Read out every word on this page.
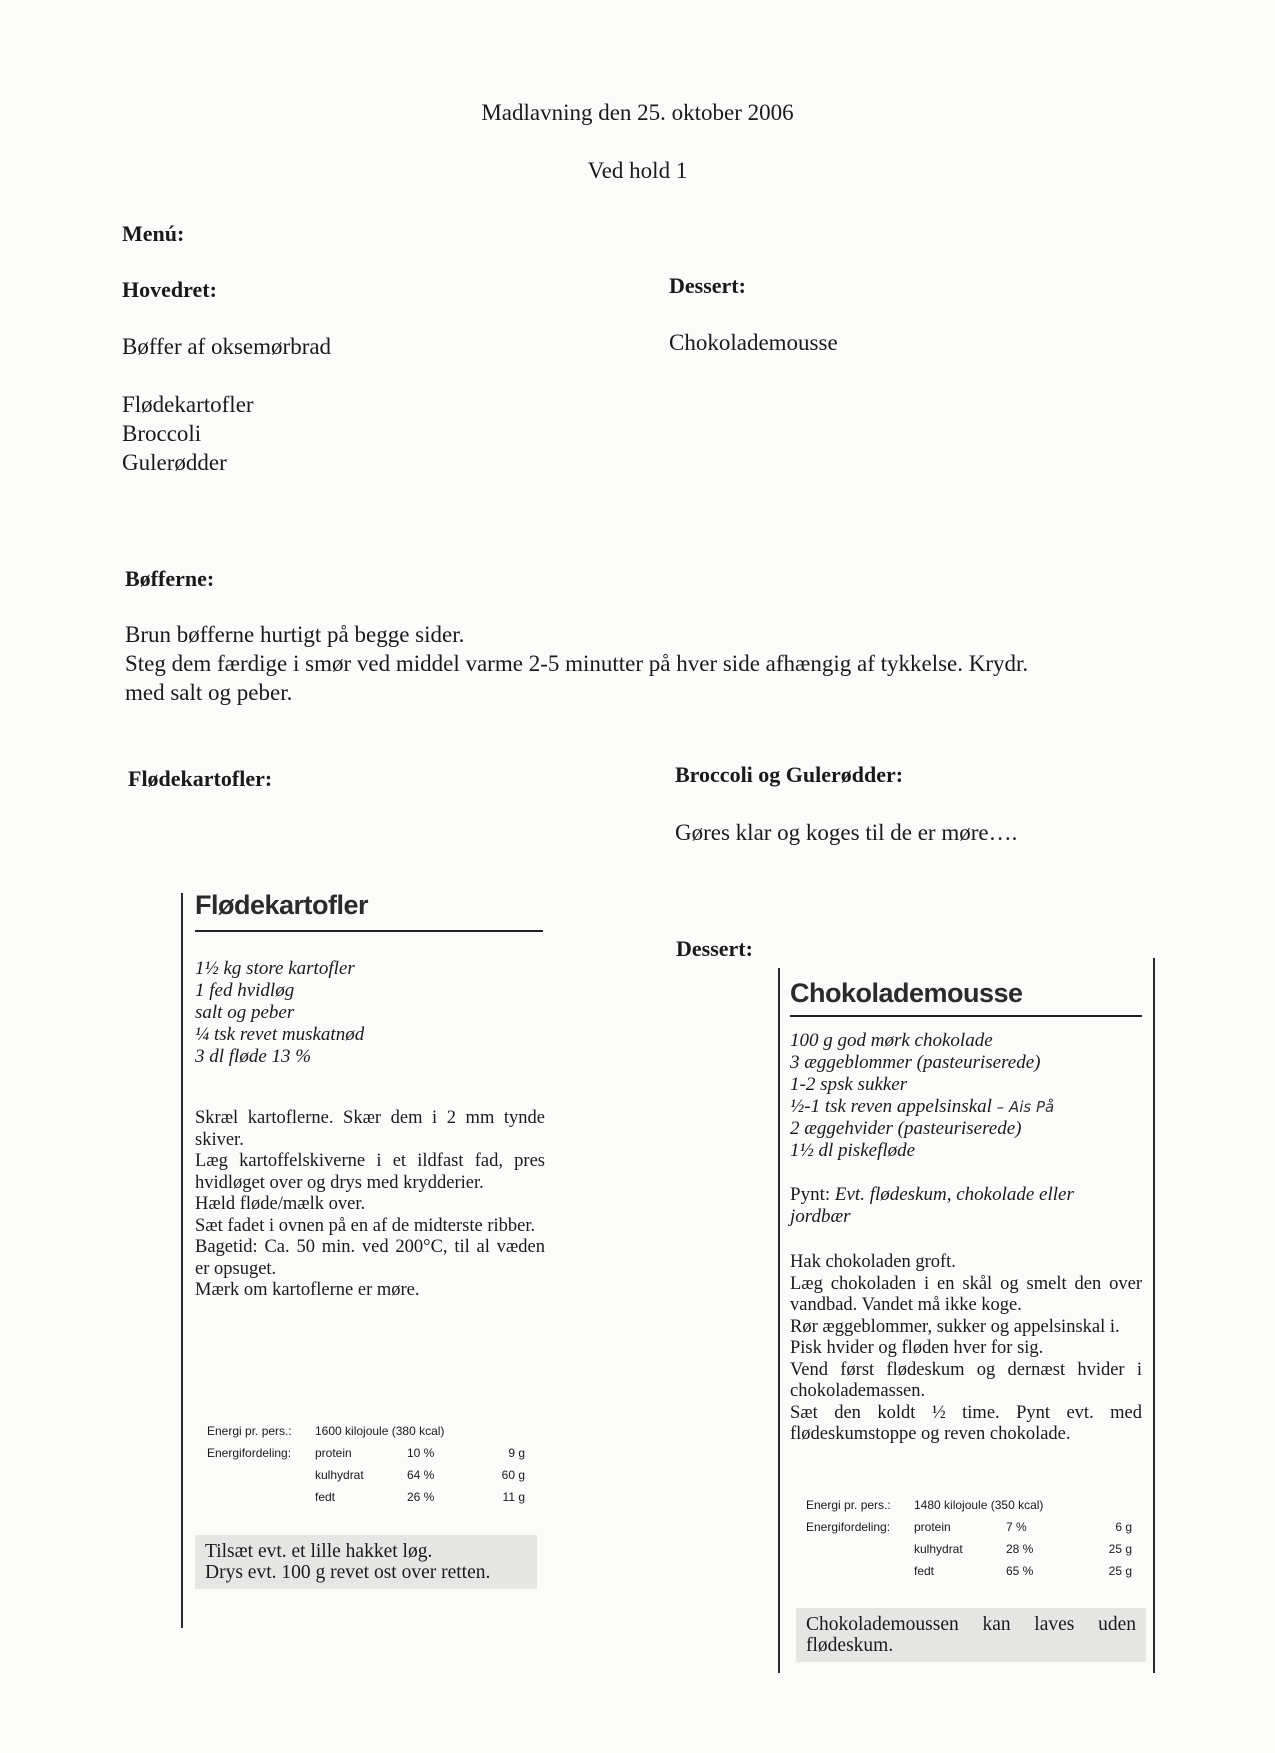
Madlavning den 25. oktober 2006
Ved hold 1
Menú:
Hovedret:	Dessert:
Bøffer af oksemørbrad	Chokolademousse
Flødekartofler
Broccoli
Gulerødder
Bøfferne:
Brun bøfferne hurtigt på begge sider.
Steg dem færdige i smør ved middel varme 2-5 minutter på hver side afhængig af tykkelse. Krydr.
med salt og peber.
Flødekartofler:	Broccoli og Gulerødder:
Gøres klar og koges til de er møre….
Dessert:
Flødekartofler
1½ kg store kartofler
1 fed hvidløg
salt og peber
¼ tsk revet muskatnød
3 dl fløde 13 %
Skræl kartoflerne. Skær dem i 2 mm tynde skiver.
Læg kartoffelskiverne i et ildfast fad, pres hvidløget over og drys med krydderier.
Hæld fløde/mælk over.
Sæt fadet i ovnen på en af de midterste ribber.
Bagetid: Ca. 50 min. ved 200°C, til al væden er opsuget.
Mærk om kartoflerne er møre.
Energi pr. pers.:	1600 kilojoule (380 kcal)		
Energifordeling:	protein	10 %	9 g
	kulhydrat	64 %	60 g
	fedt	26 %	11 g
Tilsæt evt. et lille hakket løg.
Drys evt. 100 g revet ost over retten.
Chokolademousse
100 g god mørk chokolade
3 æggeblommer (pasteuriserede)
1-2 spsk sukker
½-1 tsk reven appelsinskal – Ais På
2 æggehvider (pasteuriserede)
1½ dl piskefløde
Pynt: Evt. flødeskum, chokolade eller jordbær
Hak chokoladen groft.
Læg chokoladen i en skål og smelt den over vandbad. Vandet må ikke koge.
Rør æggeblommer, sukker og appelsinskal i.
Pisk hvider og fløden hver for sig.
Vend først flødeskum og dernæst hvider i chokolademassen.
Sæt den koldt ½ time. Pynt evt. med flødeskumstoppe og reven chokolade.
Energi pr. pers.:	1480 kilojoule (350 kcal)		
Energifordeling:	protein	7 %	6 g
	kulhydrat	28 %	25 g
	fedt	65 %	25 g
Chokolademoussen kan laves uden flødeskum.
